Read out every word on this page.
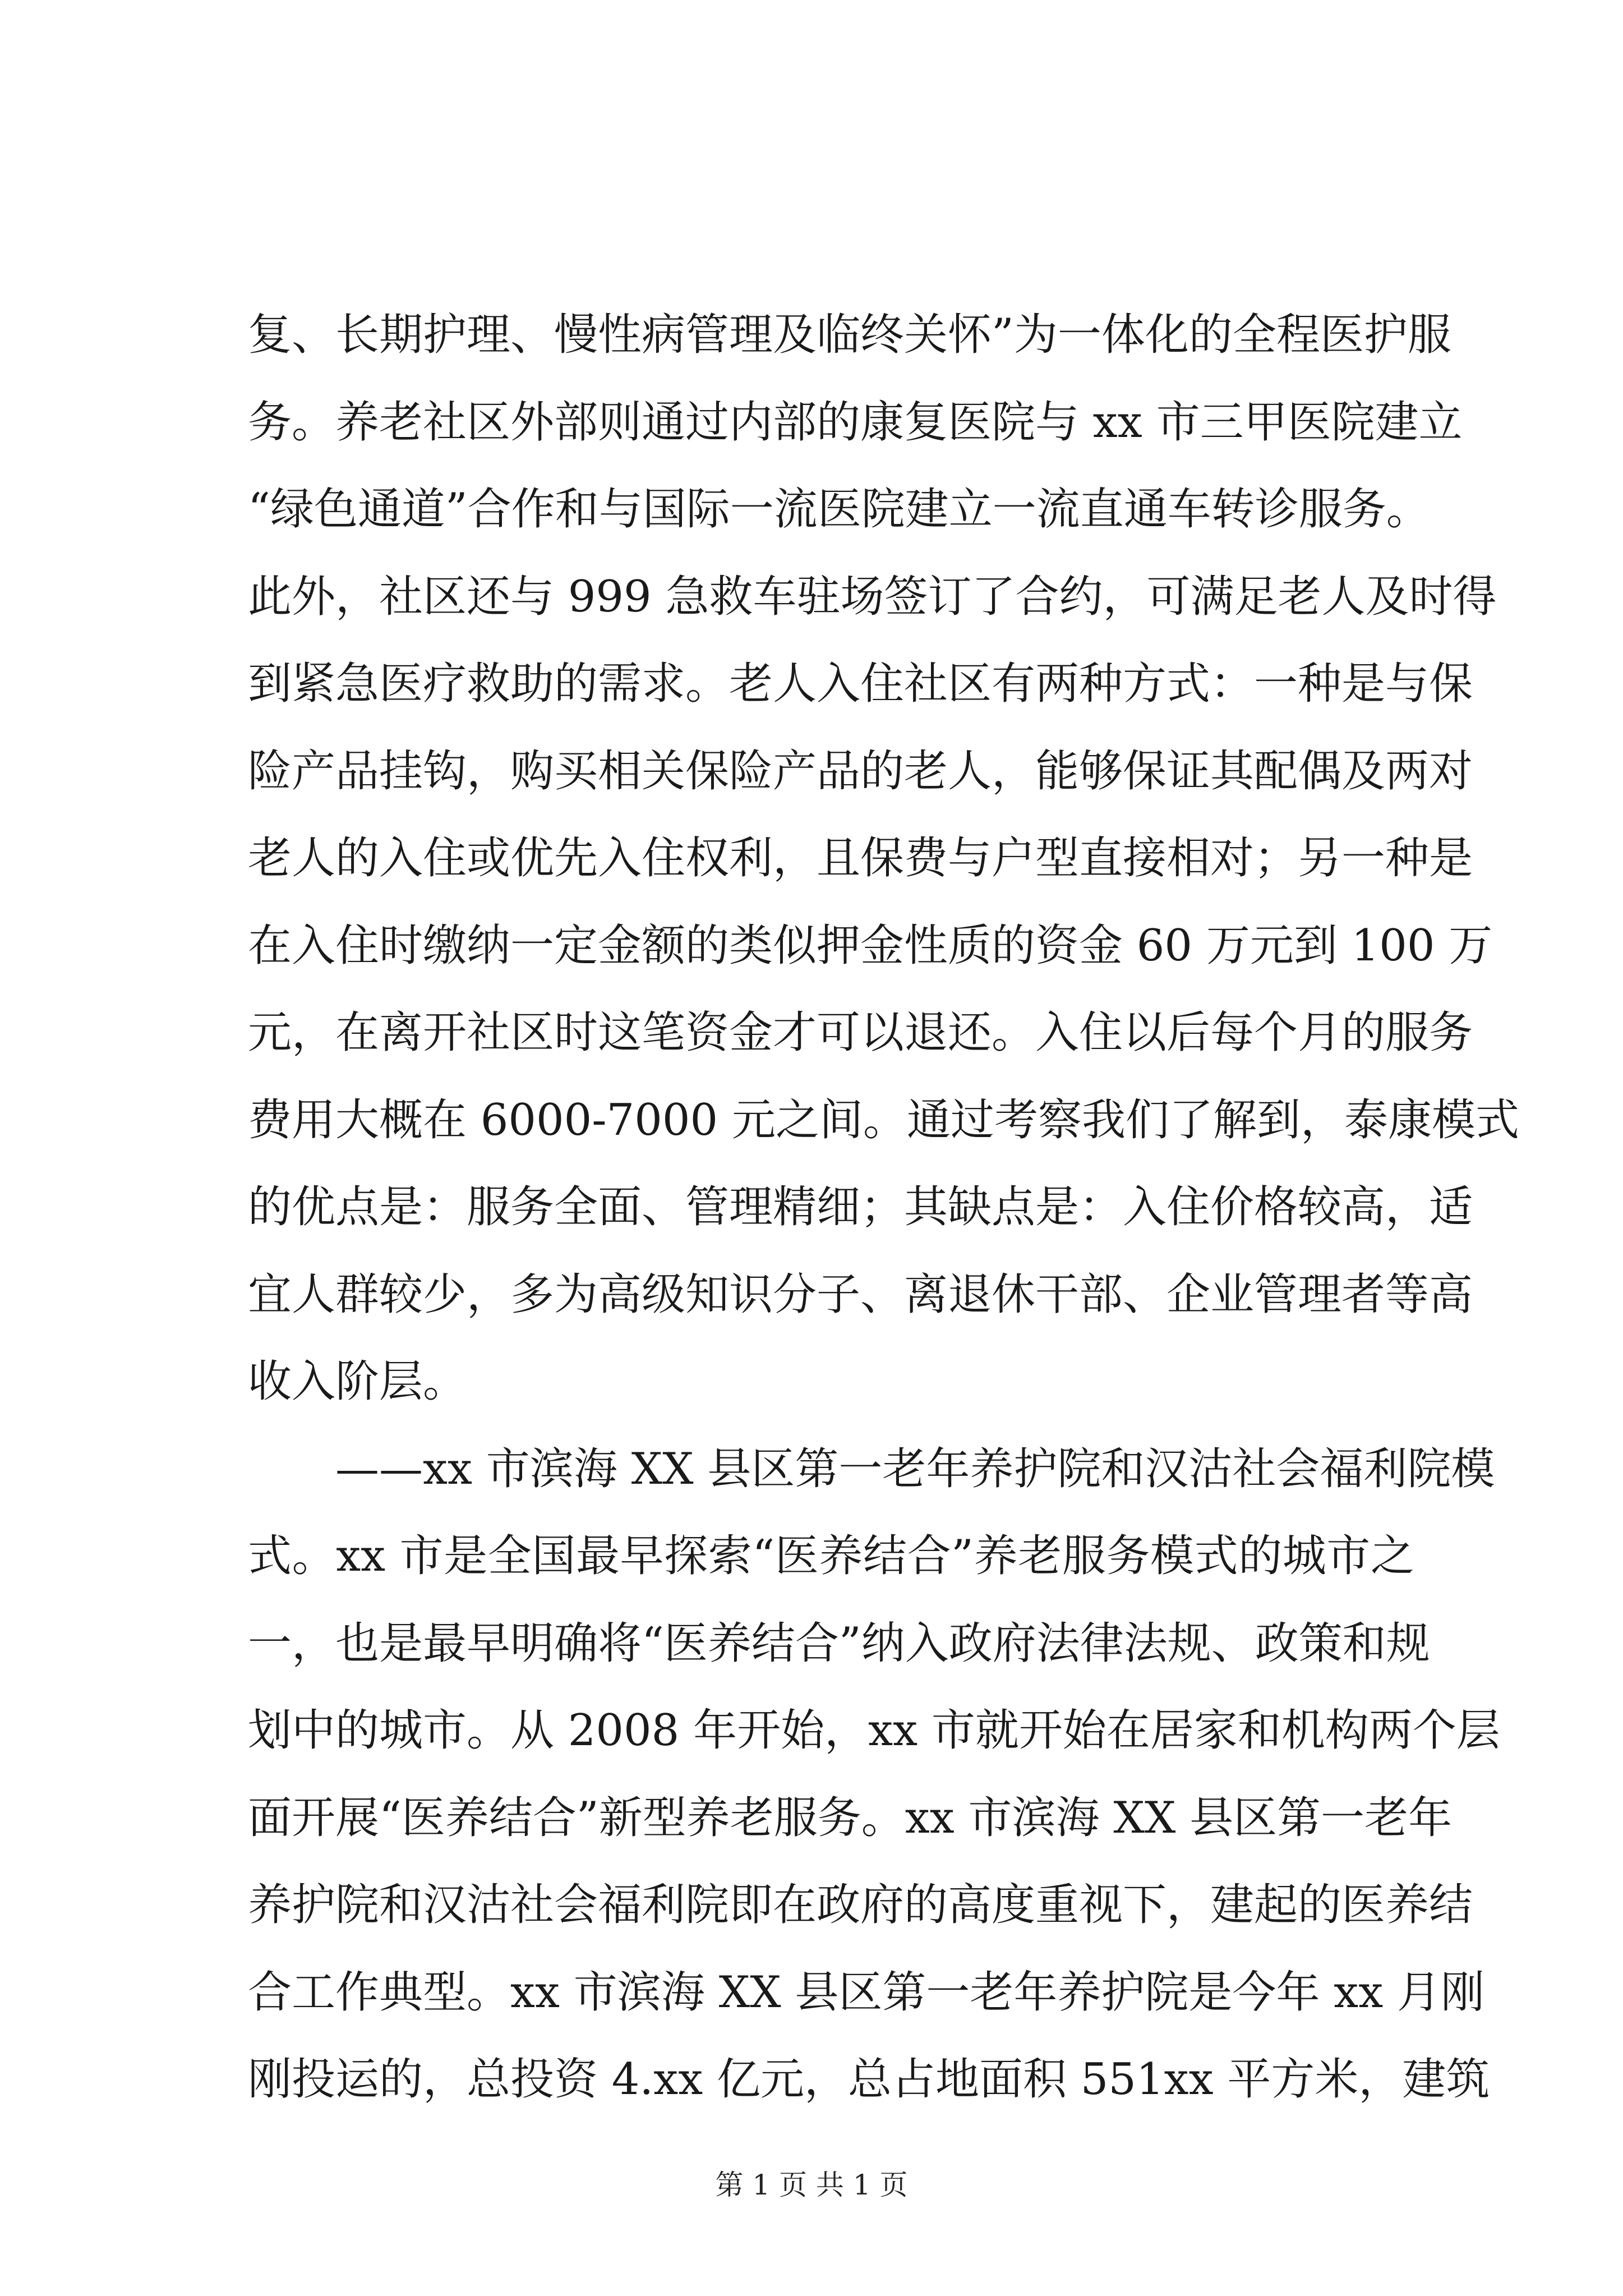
复、长期护理、慢性病管理及临终关怀”为一体化的全程医护服
务。养老社区外部则通过内部的康复医院与 xx 市三甲医院建立
“绿色通道”合作和与国际一流医院建立一流直通车转诊服务。
此外，社区还与 999 急救车驻场签订了合约，可满足老人及时得
到紧急医疗救助的需求。老人入住社区有两种方式：一种是与保
险产品挂钩，购买相关保险产品的老人，能够保证其配偶及两对
老人的入住或优先入住权利，且保费与户型直接相对；另一种是
在入住时缴纳一定金额的类似押金性质的资金 60 万元到 100 万
元，在离开社区时这笔资金才可以退还。入住以后每个月的服务
费用大概在 6000-7000 元之间。通过考察我们了解到，泰康模式
的优点是：服务全面、管理精细；其缺点是：入住价格较高，适
宜人群较少，多为高级知识分子、离退休干部、企业管理者等高
收入阶层。
　　——xx 市滨海 XX 县区第一老年养护院和汉沽社会福利院模
式。xx 市是全国最早探索“医养结合”养老服务模式的城市之
一，也是最早明确将“医养结合”纳入政府法律法规、政策和规
划中的城市。从 2008 年开始，xx 市就开始在居家和机构两个层
面开展“医养结合”新型养老服务。xx 市滨海 XX 县区第一老年
养护院和汉沽社会福利院即在政府的高度重视下，建起的医养结
合工作典型。xx 市滨海 XX 县区第一老年养护院是今年 xx 月刚
刚投运的，总投资 4.xx 亿元，总占地面积 551xx 平方米，建筑
第 1 页 共 1 页
